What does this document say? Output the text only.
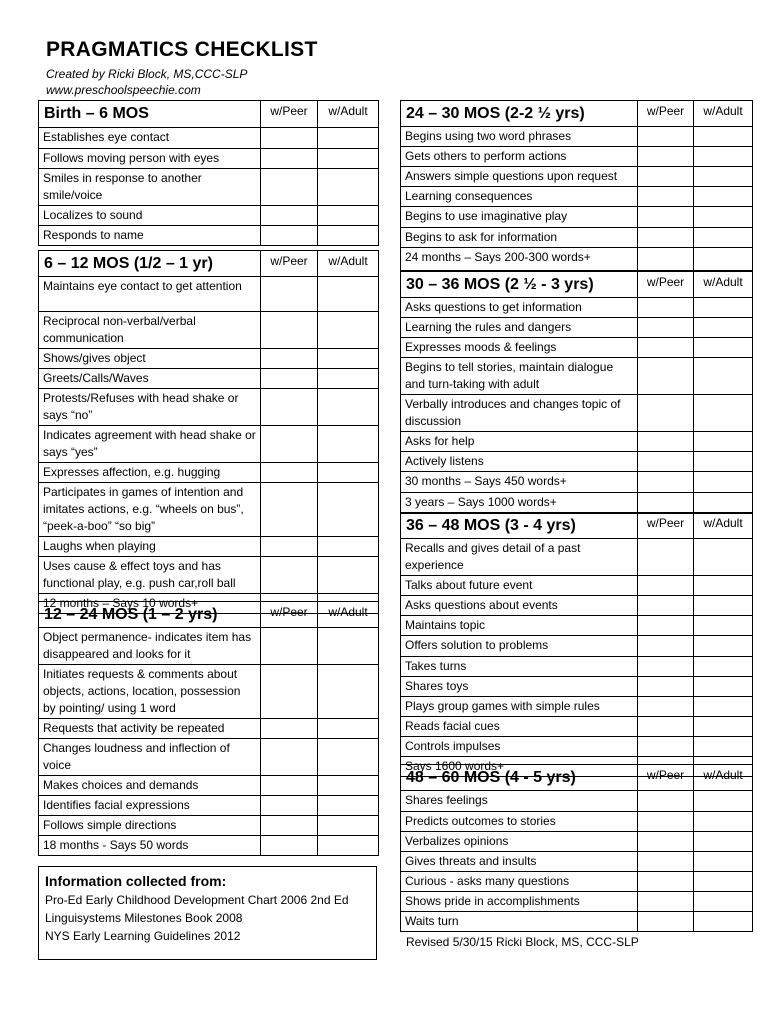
PRAGMATICS CHECKLIST
Created by Ricki Block, MS,CCC-SLP
www.preschoolspeechie.com
Birth – 6 MOS	w/Peer	w/Adult
Establishes eye contact		
Follows moving person with eyes		
Smiles in response to another smile/voice		
Localizes to sound		
Responds to name		
6 – 12 MOS (1/2 – 1 yr)	w/Peer	w/Adult
Maintains eye contact to get attention		
Reciprocal non-verbal/verbal communication		
Shows/gives object		
Greets/Calls/Waves		
Protests/Refuses with head shake or says “no”		
Indicates agreement with head shake or says “yes”		
Expresses affection, e.g. hugging		
Participates in games of intention and imitates actions, e.g. “wheels on bus”, “peek-a-boo” “so big”		
Laughs when playing		
Uses cause & effect toys and has functional play, e.g. push car,roll ball		
12 months – Says 10 words+		
12 – 24 MOS (1 – 2 yrs)	w/Peer	w/Adult
Object permanence- indicates item has disappeared and looks for it		
Initiates requests & comments about objects, actions, location, possession by pointing/ using 1 word		
Requests that activity be repeated		
Changes loudness and inflection of voice		
Makes choices and demands		
Identifies facial expressions		
Follows simple directions		
18 months - Says 50 words		
24 – 30 MOS (2-2 ½ yrs)	w/Peer	w/Adult
Begins using two word phrases		
Gets others to perform actions		
Answers simple questions upon request		
Learning consequences		
Begins to use imaginative play		
Begins to ask for information		
24 months – Says 200-300 words+		
30 – 36 MOS (2 ½ - 3 yrs)	w/Peer	w/Adult
Asks questions to get information		
Learning the rules and dangers		
Expresses moods & feelings		
Begins to tell stories, maintain dialogue and turn-taking with adult		
Verbally introduces and changes topic of discussion		
Asks for help		
Actively listens		
30 months – Says 450 words+		
3 years – Says 1000 words+		
36 – 48 MOS (3 - 4 yrs)	w/Peer	w/Adult
Recalls and gives detail of a past experience		
Talks about future event		
Asks questions about events		
Maintains topic		
Offers solution to problems		
Takes turns		
Shares toys		
Plays group games with simple rules		
Reads facial cues		
Controls impulses		
Says 1600 words+		
48 – 60 MOS (4 - 5 yrs)	w/Peer	w/Adult
Shares feelings		
Predicts outcomes to stories		
Verbalizes opinions		
Gives threats and insults		
Curious - asks many questions		
Shows pride in accomplishments		
Waits turn		
Information collected from:
Pro-Ed Early Childhood Development Chart 2006 2nd Ed
Linguisystems Milestones Book 2008
NYS Early Learning Guidelines 2012	Revised 5/30/15 Ricki Block, MS, CCC-SLP
